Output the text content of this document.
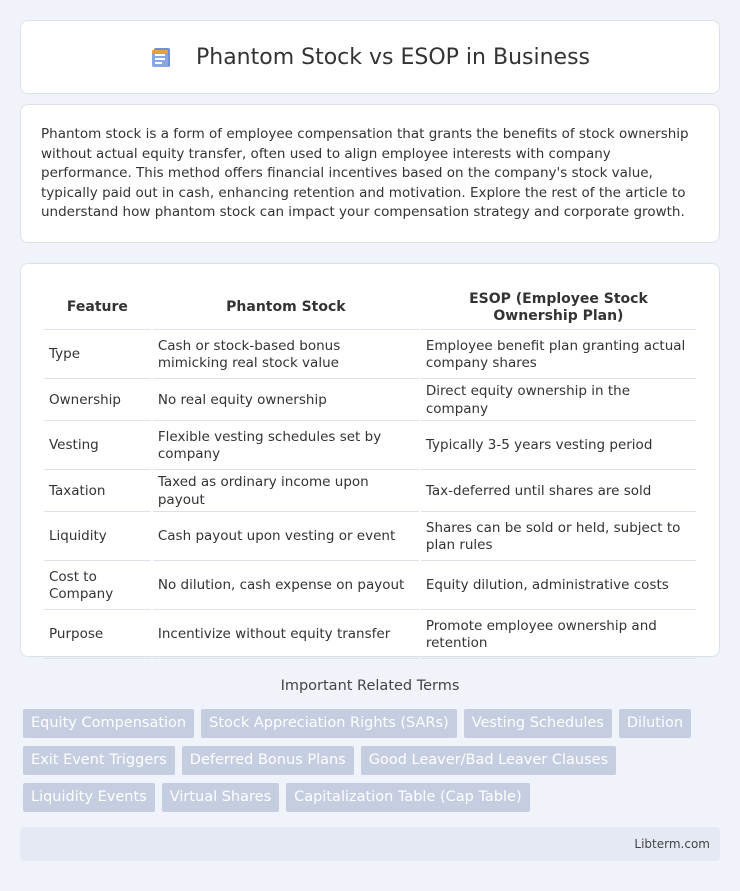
Phantom Stock vs ESOP in Business

Phantom stock is a form of employee compensation that grants the benefits of stock ownership without actual equity transfer, often used to align employee interests with company performance. This method offers financial incentives based on the company's stock value, typically paid out in cash, enhancing retention and motivation. Explore the rest of the article to understand how phantom stock can impact your compensation strategy and corporate growth.

Feature	Phantom Stock	ESOP (Employee Stock Ownership Plan)
Type	Cash or stock-based bonus mimicking real stock value	Employee benefit plan granting actual company shares
Ownership	No real equity ownership	Direct equity ownership in the company
Vesting	Flexible vesting schedules set by company	Typically 3-5 years vesting period
Taxation	Taxed as ordinary income upon payout	Tax-deferred until shares are sold
Liquidity	Cash payout upon vesting or event	Shares can be sold or held, subject to plan rules
Cost to Company	No dilution, cash expense on payout	Equity dilution, administrative costs
Purpose	Incentivize without equity transfer	Promote employee ownership and retention
Important Related Terms
Equity Compensation	Stock Appreciation Rights (SARs)	Vesting Schedules	Dilution
Exit Event Triggers	Deferred Bonus Plans	Good Leaver/Bad Leaver Clauses
Liquidity Events	Virtual Shares	Capitalization Table (Cap Table)
Libterm.com
